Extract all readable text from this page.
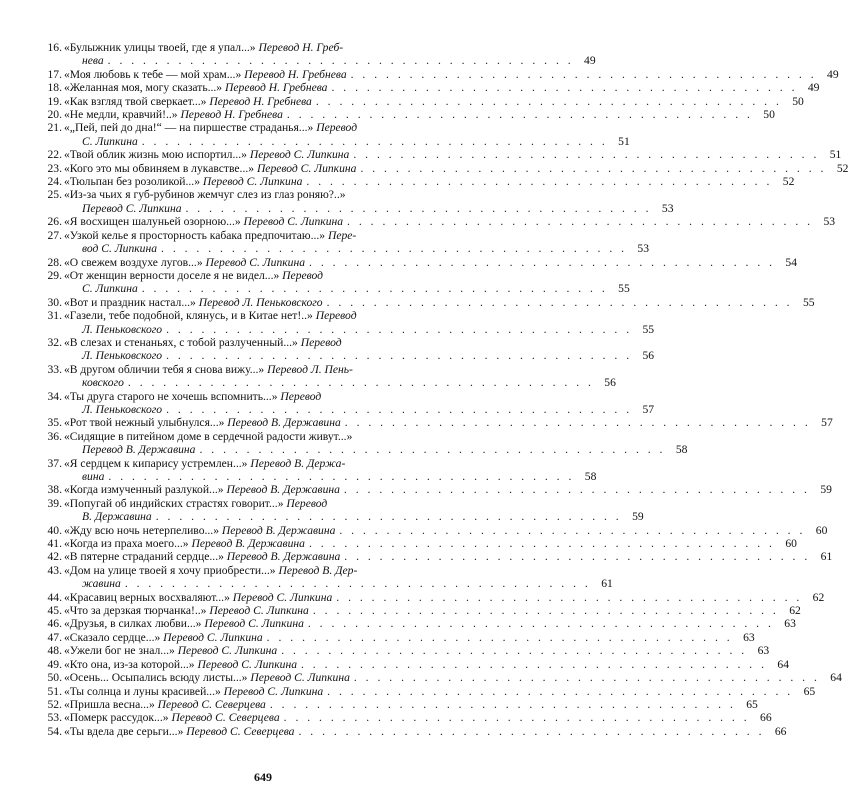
16. «Булыжник улицы твоей, где я упал...» Перевод Н. Греб-
нева . . . . . . . . . . . . . . . . . . . . . . . . . . . . . . . . . . . . . . . . 49
17. «Моя любовь к тебе — мой храм...» Перевод Н. Гребнева . . . . . . . . . . . . . . . . . . . . . . . . . . . . . . . . . . . . . . . . 49
18. «Желанная моя, могу сказать...» Перевод Н. Гребнева . . . . . . . . . . . . . . . . . . . . . . . . . . . . . . . . . . . . . . . . 49
19. «Как взгляд твой сверкает...» Перевод Н. Гребнева . . . . . . . . . . . . . . . . . . . . . . . . . . . . . . . . . . . . . . . . 50
20. «Не медли, кравчий!..» Перевод Н. Гребнева . . . . . . . . . . . . . . . . . . . . . . . . . . . . . . . . . . . . . . . . 50
21. «„Пей, пей до дна!“ — на пиршестве страданья...» Перевод
С. Липкина . . . . . . . . . . . . . . . . . . . . . . . . . . . . . . . . . . . . . . . . 51
22. «Твой облик жизнь мою испортил...» Перевод С. Липкина . . . . . . . . . . . . . . . . . . . . . . . . . . . . . . . . . . . . . . . . 51
23. «Кого это мы обвиняем в лукавстве...» Перевод С. Липкина . . . . . . . . . . . . . . . . . . . . . . . . . . . . . . . . . . . . . . . . 52
24. «Тюльпан без розоликой...» Перевод С. Липкина . . . . . . . . . . . . . . . . . . . . . . . . . . . . . . . . . . . . . . . . 52
25. «Из-за чьих я губ-рубинов жемчуг слез из глаз роняю?..»
Перевод С. Липкина . . . . . . . . . . . . . . . . . . . . . . . . . . . . . . . . . . . . . . . . 53
26. «Я восхищен шалуньей озорною...» Перевод С. Липкина . . . . . . . . . . . . . . . . . . . . . . . . . . . . . . . . . . . . . . . . 53
27. «Узкой келье я просторность кабака предпочитаю...» Пере-
вод С. Липкина . . . . . . . . . . . . . . . . . . . . . . . . . . . . . . . . . . . . . . . . 53
28. «О свежем воздухе лугов...» Перевод С. Липкина . . . . . . . . . . . . . . . . . . . . . . . . . . . . . . . . . . . . . . . . 54
29. «От женщин верности доселе я не видел...» Перевод
С. Липкина . . . . . . . . . . . . . . . . . . . . . . . . . . . . . . . . . . . . . . . . 55
30. «Вот и праздник настал...» Перевод Л. Пеньковского . . . . . . . . . . . . . . . . . . . . . . . . . . . . . . . . . . . . . . . . 55
31. «Газели, тебе подобной, клянусь, и в Китае нет!..» Перевод
Л. Пеньковского . . . . . . . . . . . . . . . . . . . . . . . . . . . . . . . . . . . . . . . . 55
32. «В слезах и стенаньях, с тобой разлученный...» Перевод
Л. Пеньковского . . . . . . . . . . . . . . . . . . . . . . . . . . . . . . . . . . . . . . . . 56
33. «В другом обличии тебя я снова вижу...» Перевод Л. Пень-
ковского . . . . . . . . . . . . . . . . . . . . . . . . . . . . . . . . . . . . . . . . 56
34. «Ты друга старого не хочешь вспомнить...» Перевод
Л. Пеньковского . . . . . . . . . . . . . . . . . . . . . . . . . . . . . . . . . . . . . . . . 57
35. «Рот твой нежный улыбнулся...» Перевод В. Державина . . . . . . . . . . . . . . . . . . . . . . . . . . . . . . . . . . . . . . . . 57
36. «Сидящие в питейном доме в сердечной радости живут...»
Перевод В. Державина . . . . . . . . . . . . . . . . . . . . . . . . . . . . . . . . . . . . . . . . 58
37. «Я сердцем к кипарису устремлен...» Перевод В. Держа-
вина . . . . . . . . . . . . . . . . . . . . . . . . . . . . . . . . . . . . . . . . 58
38. «Когда измученный разлукой...» Перевод В. Державина . . . . . . . . . . . . . . . . . . . . . . . . . . . . . . . . . . . . . . . . 59
39. «Попугай об индийских страстях говорит...» Перевод
В. Державина . . . . . . . . . . . . . . . . . . . . . . . . . . . . . . . . . . . . . . . . 59
40. «Жду всю ночь нетерпеливо...» Перевод В. Державина . . . . . . . . . . . . . . . . . . . . . . . . . . . . . . . . . . . . . . . . 60
41. «Когда из праха моего...» Перевод В. Державина . . . . . . . . . . . . . . . . . . . . . . . . . . . . . . . . . . . . . . . . 60
42. «В пятерне страданий сердце...» Перевод В. Державина . . . . . . . . . . . . . . . . . . . . . . . . . . . . . . . . . . . . . . . . 61
43. «Дом на улице твоей я хочу приобрести...» Перевод В. Дер-
жавина . . . . . . . . . . . . . . . . . . . . . . . . . . . . . . . . . . . . . . . . 61
44. «Красавиц верных восхваляют...» Перевод С. Липкина . . . . . . . . . . . . . . . . . . . . . . . . . . . . . . . . . . . . . . . . 62
45. «Что за дерзкая тюрчанка!..» Перевод С. Липкина . . . . . . . . . . . . . . . . . . . . . . . . . . . . . . . . . . . . . . . . 62
46. «Друзья, в силках любви...» Перевод С. Липкина . . . . . . . . . . . . . . . . . . . . . . . . . . . . . . . . . . . . . . . . 63
47. «Сказало сердце...» Перевод С. Липкина . . . . . . . . . . . . . . . . . . . . . . . . . . . . . . . . . . . . . . . . 63
48. «Ужели бог не знал...» Перевод С. Липкина . . . . . . . . . . . . . . . . . . . . . . . . . . . . . . . . . . . . . . . . 63
49. «Кто она, из-за которой...» Перевод С. Липкина . . . . . . . . . . . . . . . . . . . . . . . . . . . . . . . . . . . . . . . . 64
50. «Осень... Осыпались всюду листы...» Перевод С. Липкина . . . . . . . . . . . . . . . . . . . . . . . . . . . . . . . . . . . . . . . . 64
51. «Ты солнца и луны красивей...» Перевод С. Липкина . . . . . . . . . . . . . . . . . . . . . . . . . . . . . . . . . . . . . . . . 65
52. «Пришла весна...» Перевод С. Северцева . . . . . . . . . . . . . . . . . . . . . . . . . . . . . . . . . . . . . . . . 65
53. «Померк рассудок...» Перевод С. Северцева . . . . . . . . . . . . . . . . . . . . . . . . . . . . . . . . . . . . . . . . 66
54. «Ты вдела две серьги...» Перевод С. Северцева . . . . . . . . . . . . . . . . . . . . . . . . . . . . . . . . . . . . . . . . 66
649
